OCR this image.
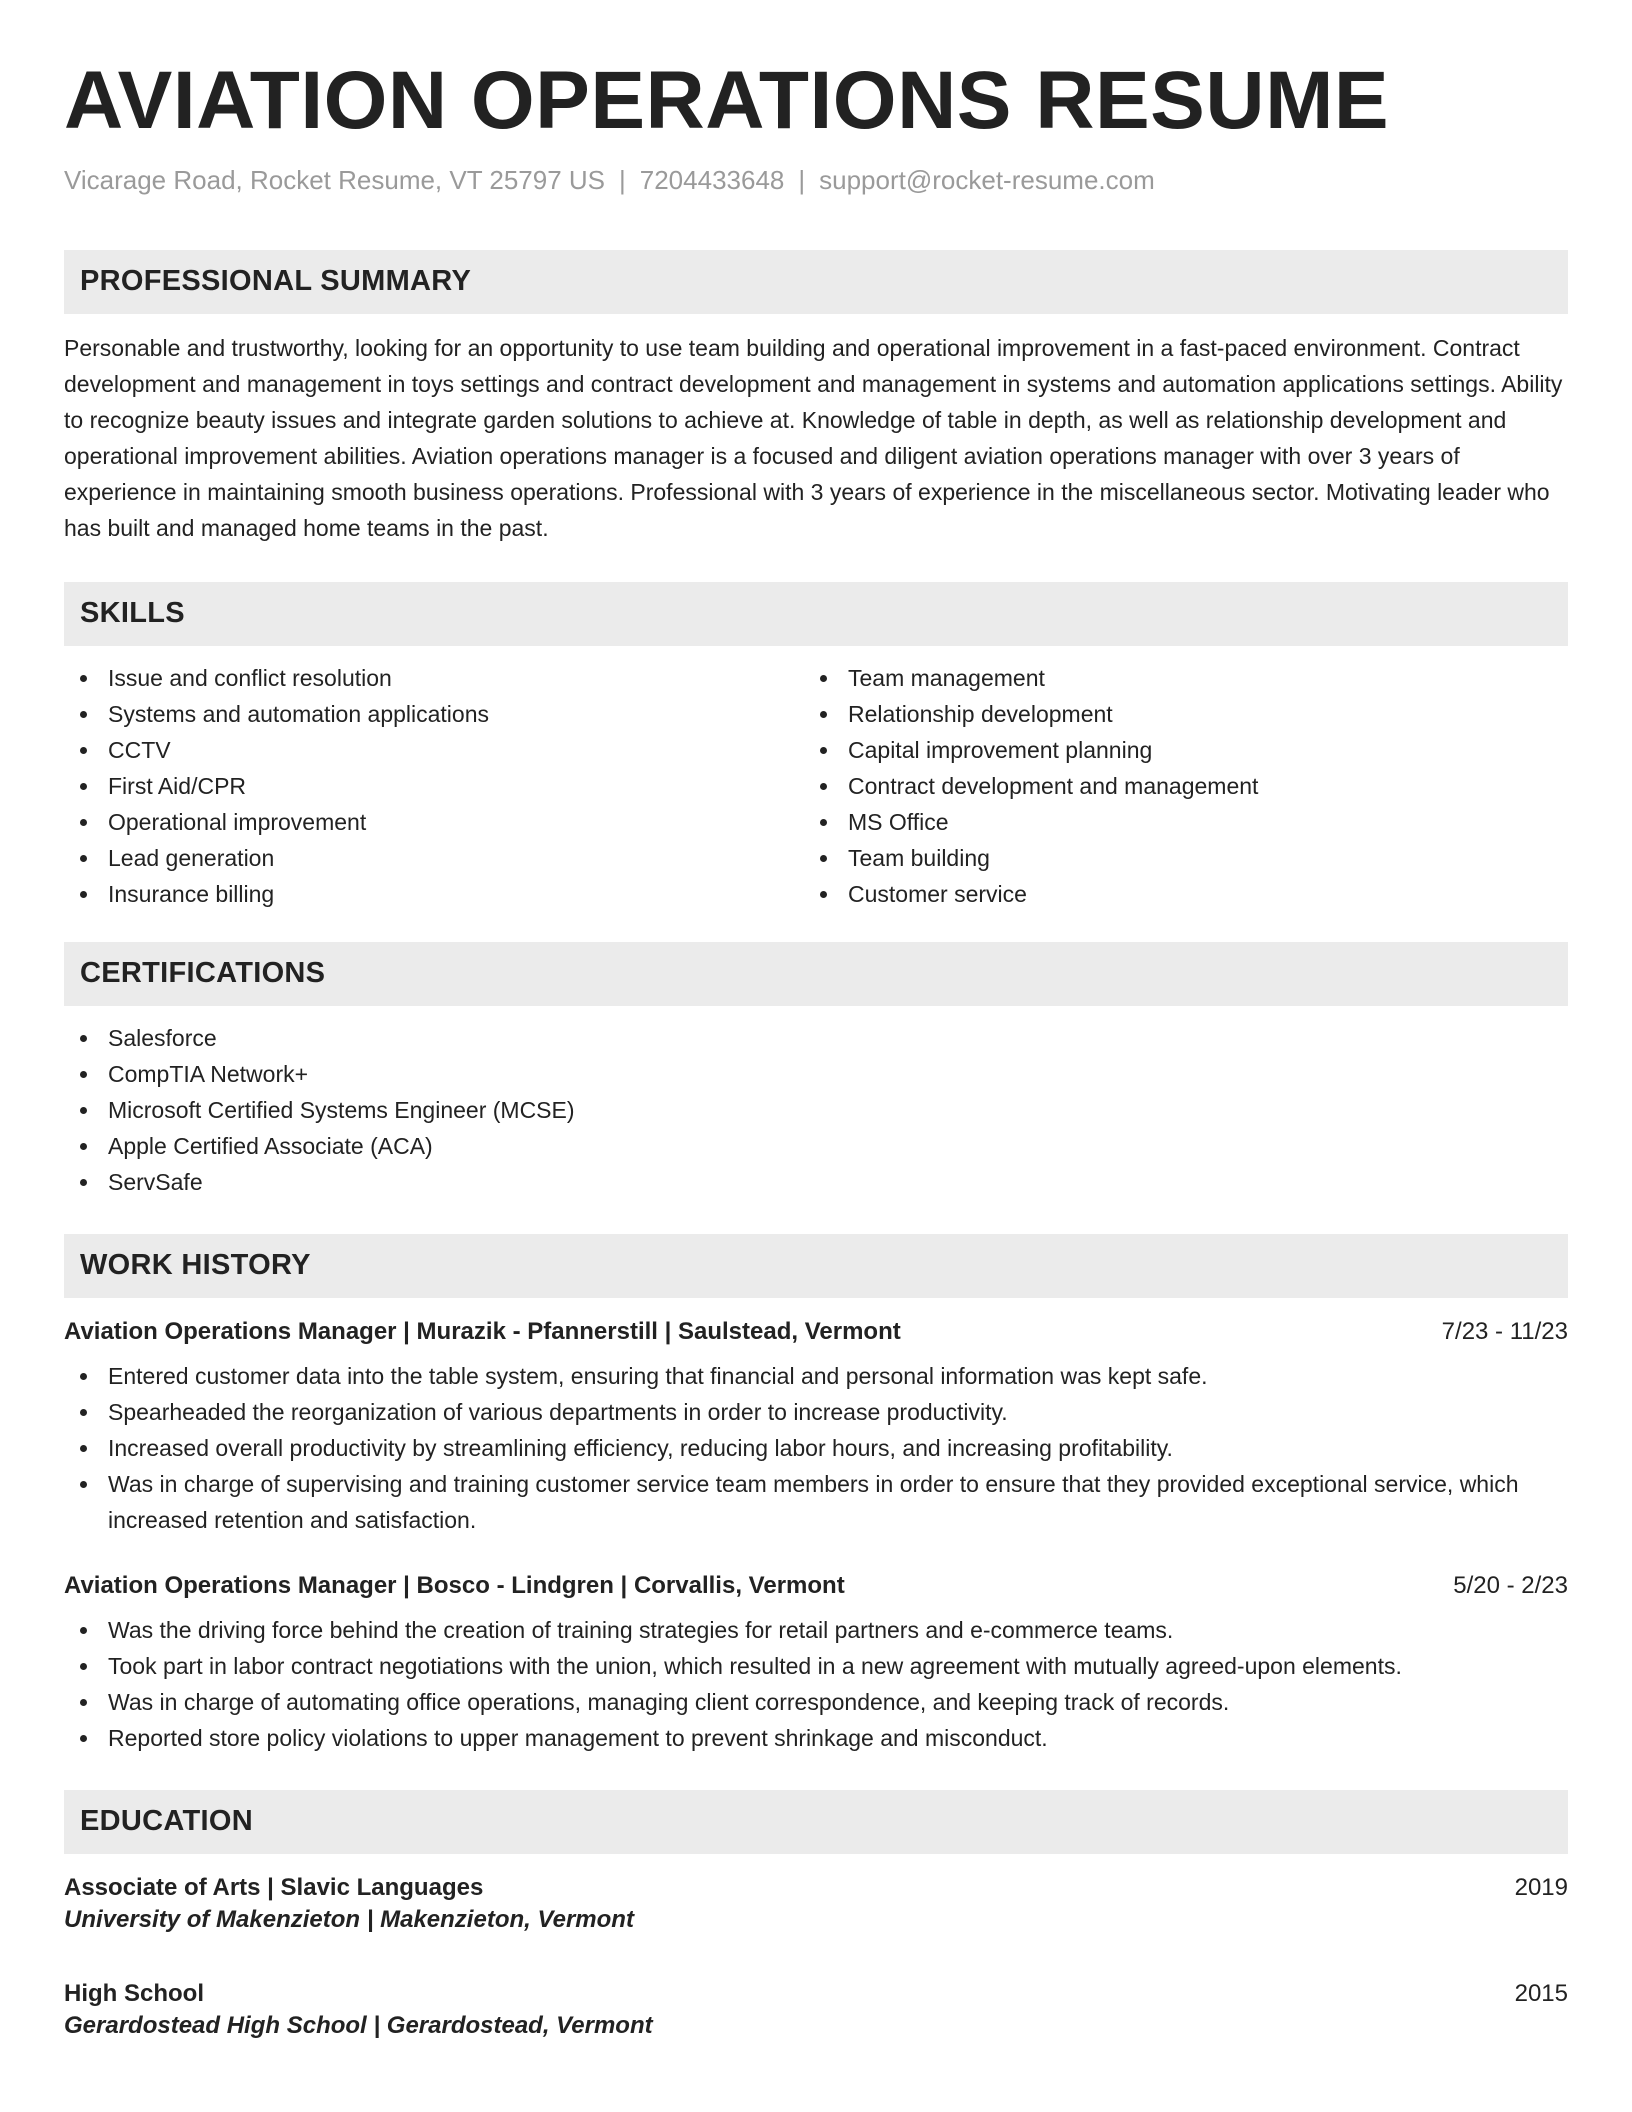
AVIATION OPERATIONS RESUME
Vicarage Road, Rocket Resume, VT 25797 US | 7204433648 | support@rocket-resume.com
PROFESSIONAL SUMMARY

Personable and trustworthy, looking for an opportunity to use team building and operational improvement in a fast-paced environment. Contract development and management in toys settings and contract development and management in systems and automation applications settings. Ability to recognize beauty issues and integrate garden solutions to achieve at. Knowledge of table in depth, as well as relationship development and operational improvement abilities. Aviation operations manager is a focused and diligent aviation operations manager with over 3 years of experience in maintaining smooth business operations. Professional with 3 years of experience in the miscellaneous sector. Motivating leader who has built and managed home teams in the past.

SKILLS
Issue and conflict resolution
Systems and automation applications
CCTV
First Aid/CPR
Operational improvement
Lead generation
Insurance billing
Team management
Relationship development
Capital improvement planning
Contract development and management
MS Office
Team building
Customer service
CERTIFICATIONS
Salesforce
CompTIA Network+
Microsoft Certified Systems Engineer (MCSE)
Apple Certified Associate (ACA)
ServSafe
WORK HISTORY
Aviation Operations Manager | Murazik - Pfannerstill | Saulstead, Vermont	7/23 - 11/23
Entered customer data into the table system, ensuring that financial and personal information was kept safe.
Spearheaded the reorganization of various departments in order to increase productivity.
Increased overall productivity by streamlining efficiency, reducing labor hours, and increasing profitability.
Was in charge of supervising and training customer service team members in order to ensure that they provided exceptional service, which increased retention and satisfaction.
Aviation Operations Manager | Bosco - Lindgren | Corvallis, Vermont	5/20 - 2/23
Was the driving force behind the creation of training strategies for retail partners and e-commerce teams.
Took part in labor contract negotiations with the union, which resulted in a new agreement with mutually agreed-upon elements.
Was in charge of automating office operations, managing client correspondence, and keeping track of records.
Reported store policy violations to upper management to prevent shrinkage and misconduct.
EDUCATION
Associate of Arts | Slavic Languages	2019
University of Makenzieton | Makenzieton, Vermont
High School	2015
Gerardostead High School | Gerardostead, Vermont
